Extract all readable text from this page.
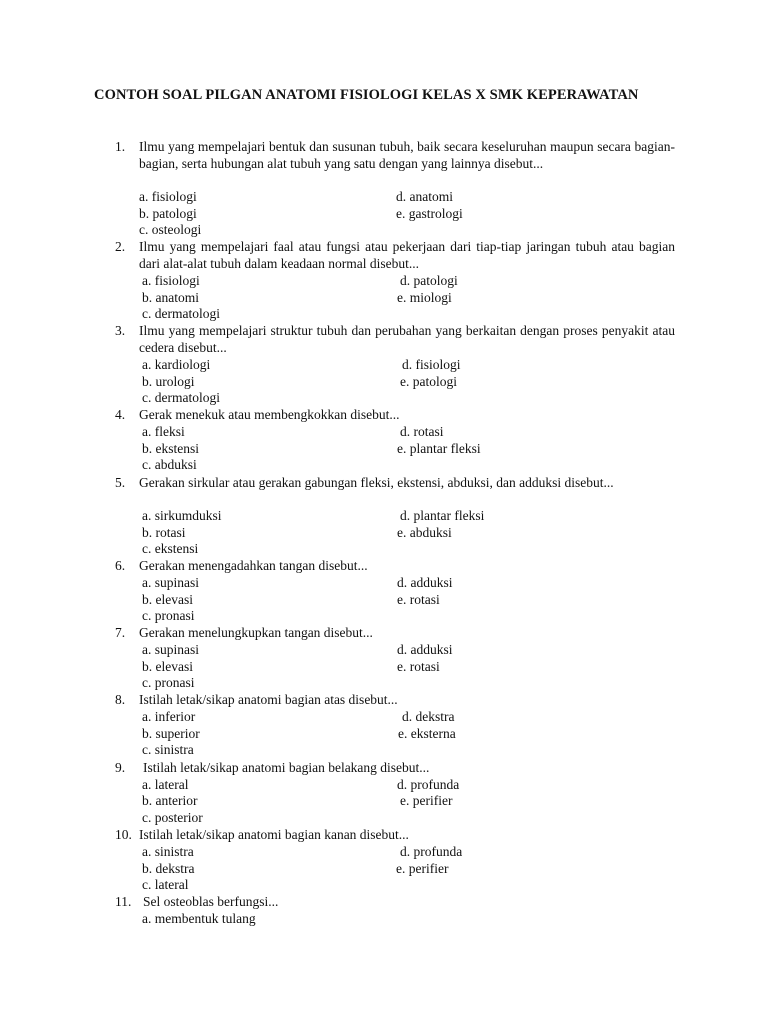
CONTOH SOAL PILGAN ANATOMI FISIOLOGI KELAS X SMK KEPERAWATAN
1. Ilmu yang mempelajari bentuk dan susunan tubuh, baik secara keseluruhan maupun secara bagian-bagian, serta hubungan alat tubuh yang satu dengan yang lainnya disebut...
a. fisiologi
b. patologi
c. osteologi
d. anatomi
e. gastrologi
2. Ilmu yang mempelajari faal atau fungsi atau pekerjaan dari tiap-tiap jaringan tubuh atau bagian dari alat-alat tubuh dalam keadaan normal disebut...
a. fisiologi
b. anatomi
c. dermatologi
d. patologi
e. miologi
3. Ilmu yang mempelajari struktur tubuh dan perubahan yang berkaitan dengan proses penyakit atau cedera disebut...
a. kardiologi
b. urologi
c. dermatologi
d. fisiologi
e. patologi
4. Gerak menekuk atau membengkokkan disebut...
a. fleksi
b. ekstensi
c. abduksi
d. rotasi
e. plantar fleksi
5. Gerakan sirkular atau gerakan gabungan fleksi, ekstensi, abduksi, dan adduksi disebut...
a. sirkumduksi
b. rotasi
c. ekstensi
d. plantar fleksi
e. abduksi
6. Gerakan menengadahkan tangan disebut...
a. supinasi
b. elevasi
c. pronasi
d. adduksi
e. rotasi
7. Gerakan menelungkupkan tangan disebut...
a. supinasi
b. elevasi
c. pronasi
d. adduksi
e. rotasi
8. Istilah letak/sikap anatomi bagian atas disebut...
a. inferior
b. superior
c. sinistra
d. dekstra
e. eksterna
9. Istilah letak/sikap anatomi bagian belakang disebut...
a. lateral
b. anterior
c. posterior
d. profunda
e. perifier
10. Istilah letak/sikap anatomi bagian kanan disebut...
a. sinistra
b. dekstra
c. lateral
d. profunda
e. perifier
11. Sel osteoblas berfungsi...
a. membentuk tulang
